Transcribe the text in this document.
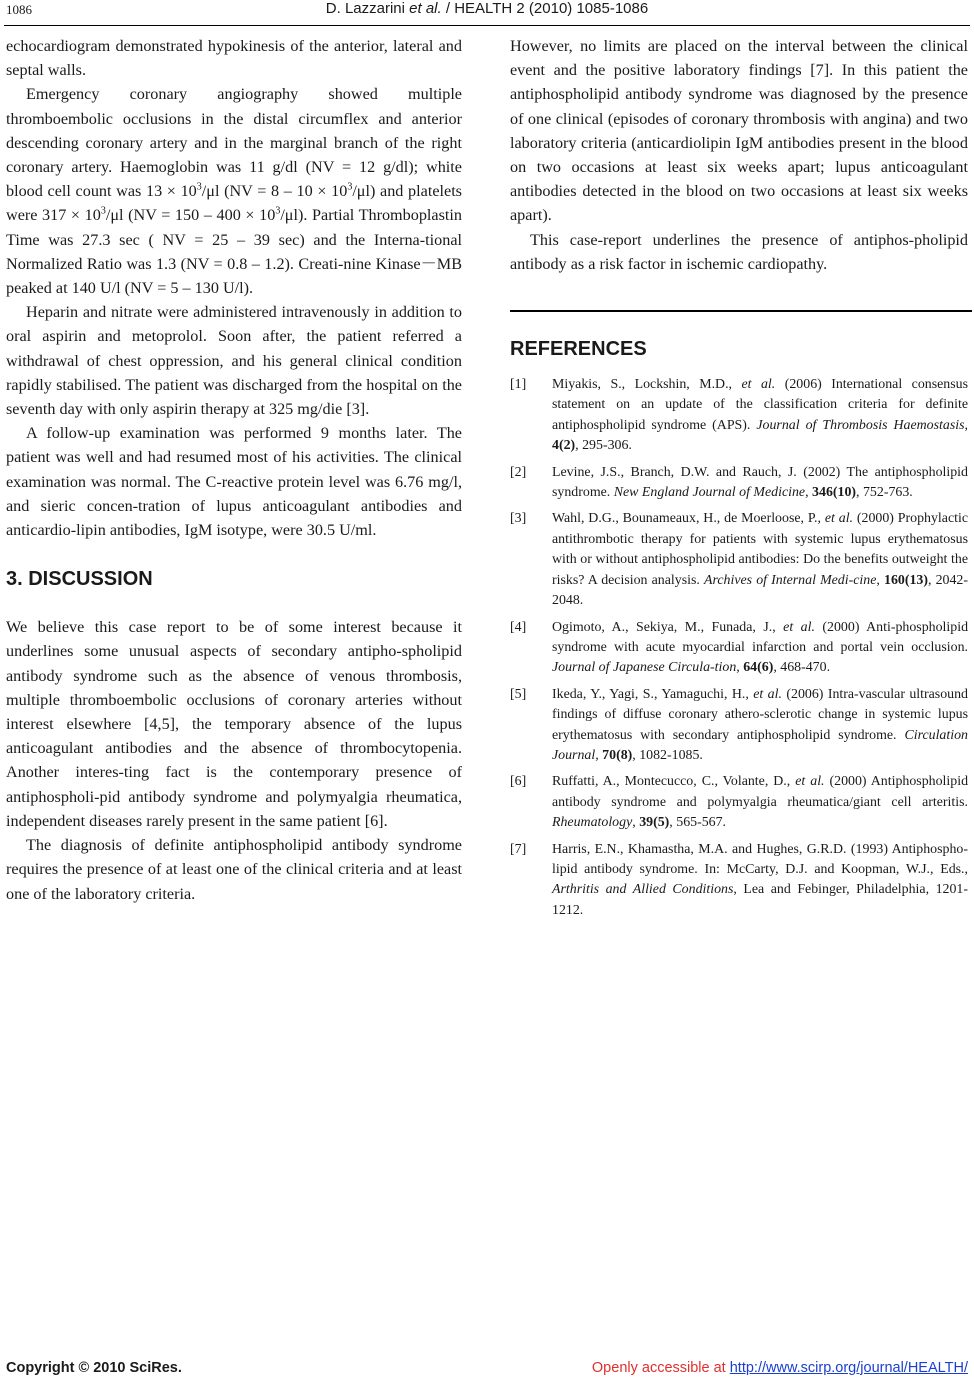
1086	D. Lazzarini et al. / HEALTH 2 (2010) 1085-1086

echocardiogram demonstrated hypokinesis of the anterior, lateral and septal walls.

Emergency coronary angiography showed multiple thromboembolic occlusions in the distal circumflex and anterior descending coronary artery and in the marginal branch of the right coronary artery. Haemoglobin was 11 g/dl (NV = 12 g/dl); white blood cell count was $13 \times 10^3/\mu l$ $(NV = 8 - 10 \times 10^3/\mu l)$ and platelets were $317 \times 10^3/\mu l$ $(NV = 150 - 400 \times 10^3/\mu l)$. Partial Thromboplastin Time was 27.3 sec ( NV = 25 – 39 sec) and the Interna-tional Normalized Ratio was 1.3 (NV = 0.8 – 1.2). Creati-nine Kinase－MB peaked at 140 U/l (NV = 5 – 130 U/l).

Heparin and nitrate were administered intravenously in addition to oral aspirin and metoprolol. Soon after, the patient referred a withdrawal of chest oppression, and his general clinical condition rapidly stabilised. The patient was discharged from the hospital on the seventh day with only aspirin therapy at 325 mg/die [3].

A follow-up examination was performed 9 months later. The patient was well and had resumed most of his activities. The clinical examination was normal. The C-reactive protein level was 6.76 mg/l, and sieric concen-tration of lupus anticoagulant antibodies and anticardio-lipin antibodies, IgM isotype, were 30.5 U/ml.

3. DISCUSSION

We believe this case report to be of some interest because it underlines some unusual aspects of secondary antipho-spholipid antibody syndrome such as the absence of venous thrombosis, multiple thromboembolic occlusions of coronary arteries without interest elsewhere [4,5], the temporary absence of the lupus anticoagulant antibodies and the absence of thrombocytopenia. Another interes-ting fact is the contemporary presence of antiphospholi-pid antibody syndrome and polymyalgia rheumatica, independent diseases rarely present in the same patient [6].

The diagnosis of definite antiphospholipid antibody syndrome requires the presence of at least one of the clinical criteria and at least one of the laboratory criteria.

However, no limits are placed on the interval between the clinical event and the positive laboratory findings [7]. In this patient the antiphospholipid antibody syndrome was diagnosed by the presence of one clinical (episodes of coronary thrombosis with angina) and two laboratory criteria (anticardiolipin IgM antibodies present in the blood on two occasions at least six weeks apart; lupus anticoagulant antibodies detected in the blood on two occasions at least six weeks apart).

This case-report underlines the presence of antiphos-pholipid antibody as a risk factor in ischemic cardiopathy.

REFERENCES
[1] Miyakis, S., Lockshin, M.D., et al. (2006) International consensus statement on an update of the classification criteria for definite antiphospholipid syndrome (APS). Journal of Thrombosis Haemostasis, 4(2), 295-306.
[2] Levine, J.S., Branch, D.W. and Rauch, J. (2002) The antiphospholipid syndrome. New England Journal of Medicine, 346(10), 752-763.
[3] Wahl, D.G., Bounameaux, H., de Moerloose, P., et al. (2000) Prophylactic antithrombotic therapy for patients with systemic lupus erythematosus with or without antiphospholipid antibodies: Do the benefits outweight the risks? A decision analysis. Archives of Internal Medi-cine, 160(13), 2042-2048.
[4] Ogimoto, A., Sekiya, M., Funada, J., et al. (2000) Anti-phospholipid syndrome with acute myocardial infarction and portal vein occlusion. Journal of Japanese Circula-tion, 64(6), 468-470.
[5] Ikeda, Y., Yagi, S., Yamaguchi, H., et al. (2006) Intra-vascular ultrasound findings of diffuse coronary athero-sclerotic change in systemic lupus erythematosus with secondary antiphospholipid syndrome. Circulation Journal, 70(8), 1082-1085.
[6] Ruffatti, A., Montecucco, C., Volante, D., et al. (2000) Antiphospholipid antibody syndrome and polymyalgia rheumatica/giant cell arteritis. Rheumatology, 39(5), 565-567.
[7] Harris, E.N., Khamastha, M.A. and Hughes, G.R.D. (1993) Antiphospho-lipid antibody syndrome. In: McCarty, D.J. and Koopman, W.J., Eds., Arthritis and Allied Conditions, Lea and Febinger, Philadelphia, 1201-1212.
Copyright © 2010 SciRes.	Openly accessible at http://www.scirp.org/journal/HEALTH/
